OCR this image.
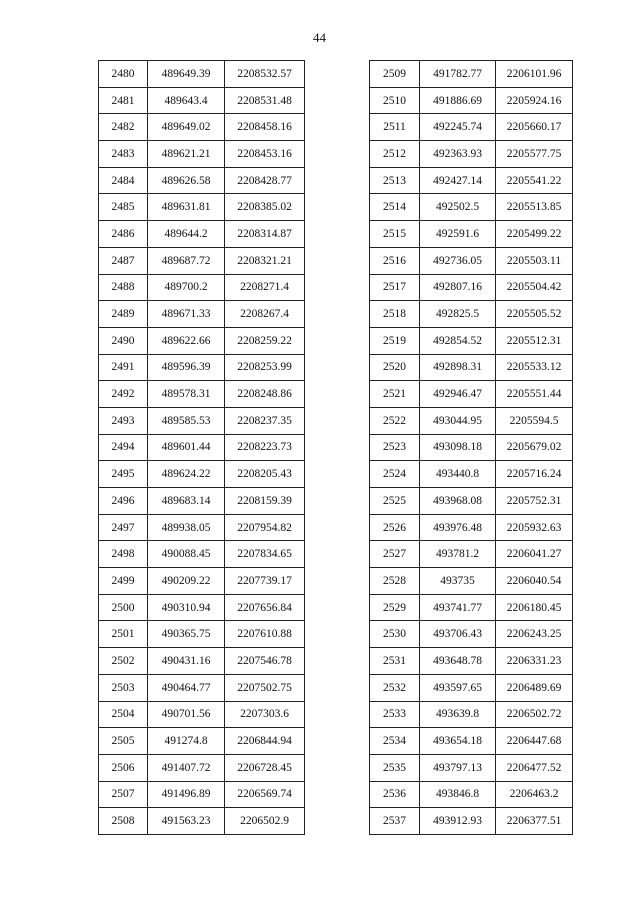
44
2480	489649.39	2208532.57
2481	489643.4	2208531.48
2482	489649.02	2208458.16
2483	489621.21	2208453.16
2484	489626.58	2208428.77
2485	489631.81	2208385.02
2486	489644.2	2208314.87
2487	489687.72	2208321.21
2488	489700.2	2208271.4
2489	489671.33	2208267.4
2490	489622.66	2208259.22
2491	489596.39	2208253.99
2492	489578.31	2208248.86
2493	489585.53	2208237.35
2494	489601.44	2208223.73
2495	489624.22	2208205.43
2496	489683.14	2208159.39
2497	489938.05	2207954.82
2498	490088.45	2207834.65
2499	490209.22	2207739.17
2500	490310.94	2207656.84
2501	490365.75	2207610.88
2502	490431.16	2207546.78
2503	490464.77	2207502.75
2504	490701.56	2207303.6
2505	491274.8	2206844.94
2506	491407.72	2206728.45
2507	491496.89	2206569.74
2508	491563.23	2206502.9
2509	491782.77	2206101.96
2510	491886.69	2205924.16
2511	492245.74	2205660.17
2512	492363.93	2205577.75
2513	492427.14	2205541.22
2514	492502.5	2205513.85
2515	492591.6	2205499.22
2516	492736.05	2205503.11
2517	492807.16	2205504.42
2518	492825.5	2205505.52
2519	492854.52	2205512.31
2520	492898.31	2205533.12
2521	492946.47	2205551.44
2522	493044.95	2205594.5
2523	493098.18	2205679.02
2524	493440.8	2205716.24
2525	493968.08	2205752.31
2526	493976.48	2205932.63
2527	493781.2	2206041.27
2528	493735	2206040.54
2529	493741.77	2206180.45
2530	493706.43	2206243.25
2531	493648.78	2206331.23
2532	493597.65	2206489.69
2533	493639.8	2206502.72
2534	493654.18	2206447.68
2535	493797.13	2206477.52
2536	493846.8	2206463.2
2537	493912.93	2206377.51
